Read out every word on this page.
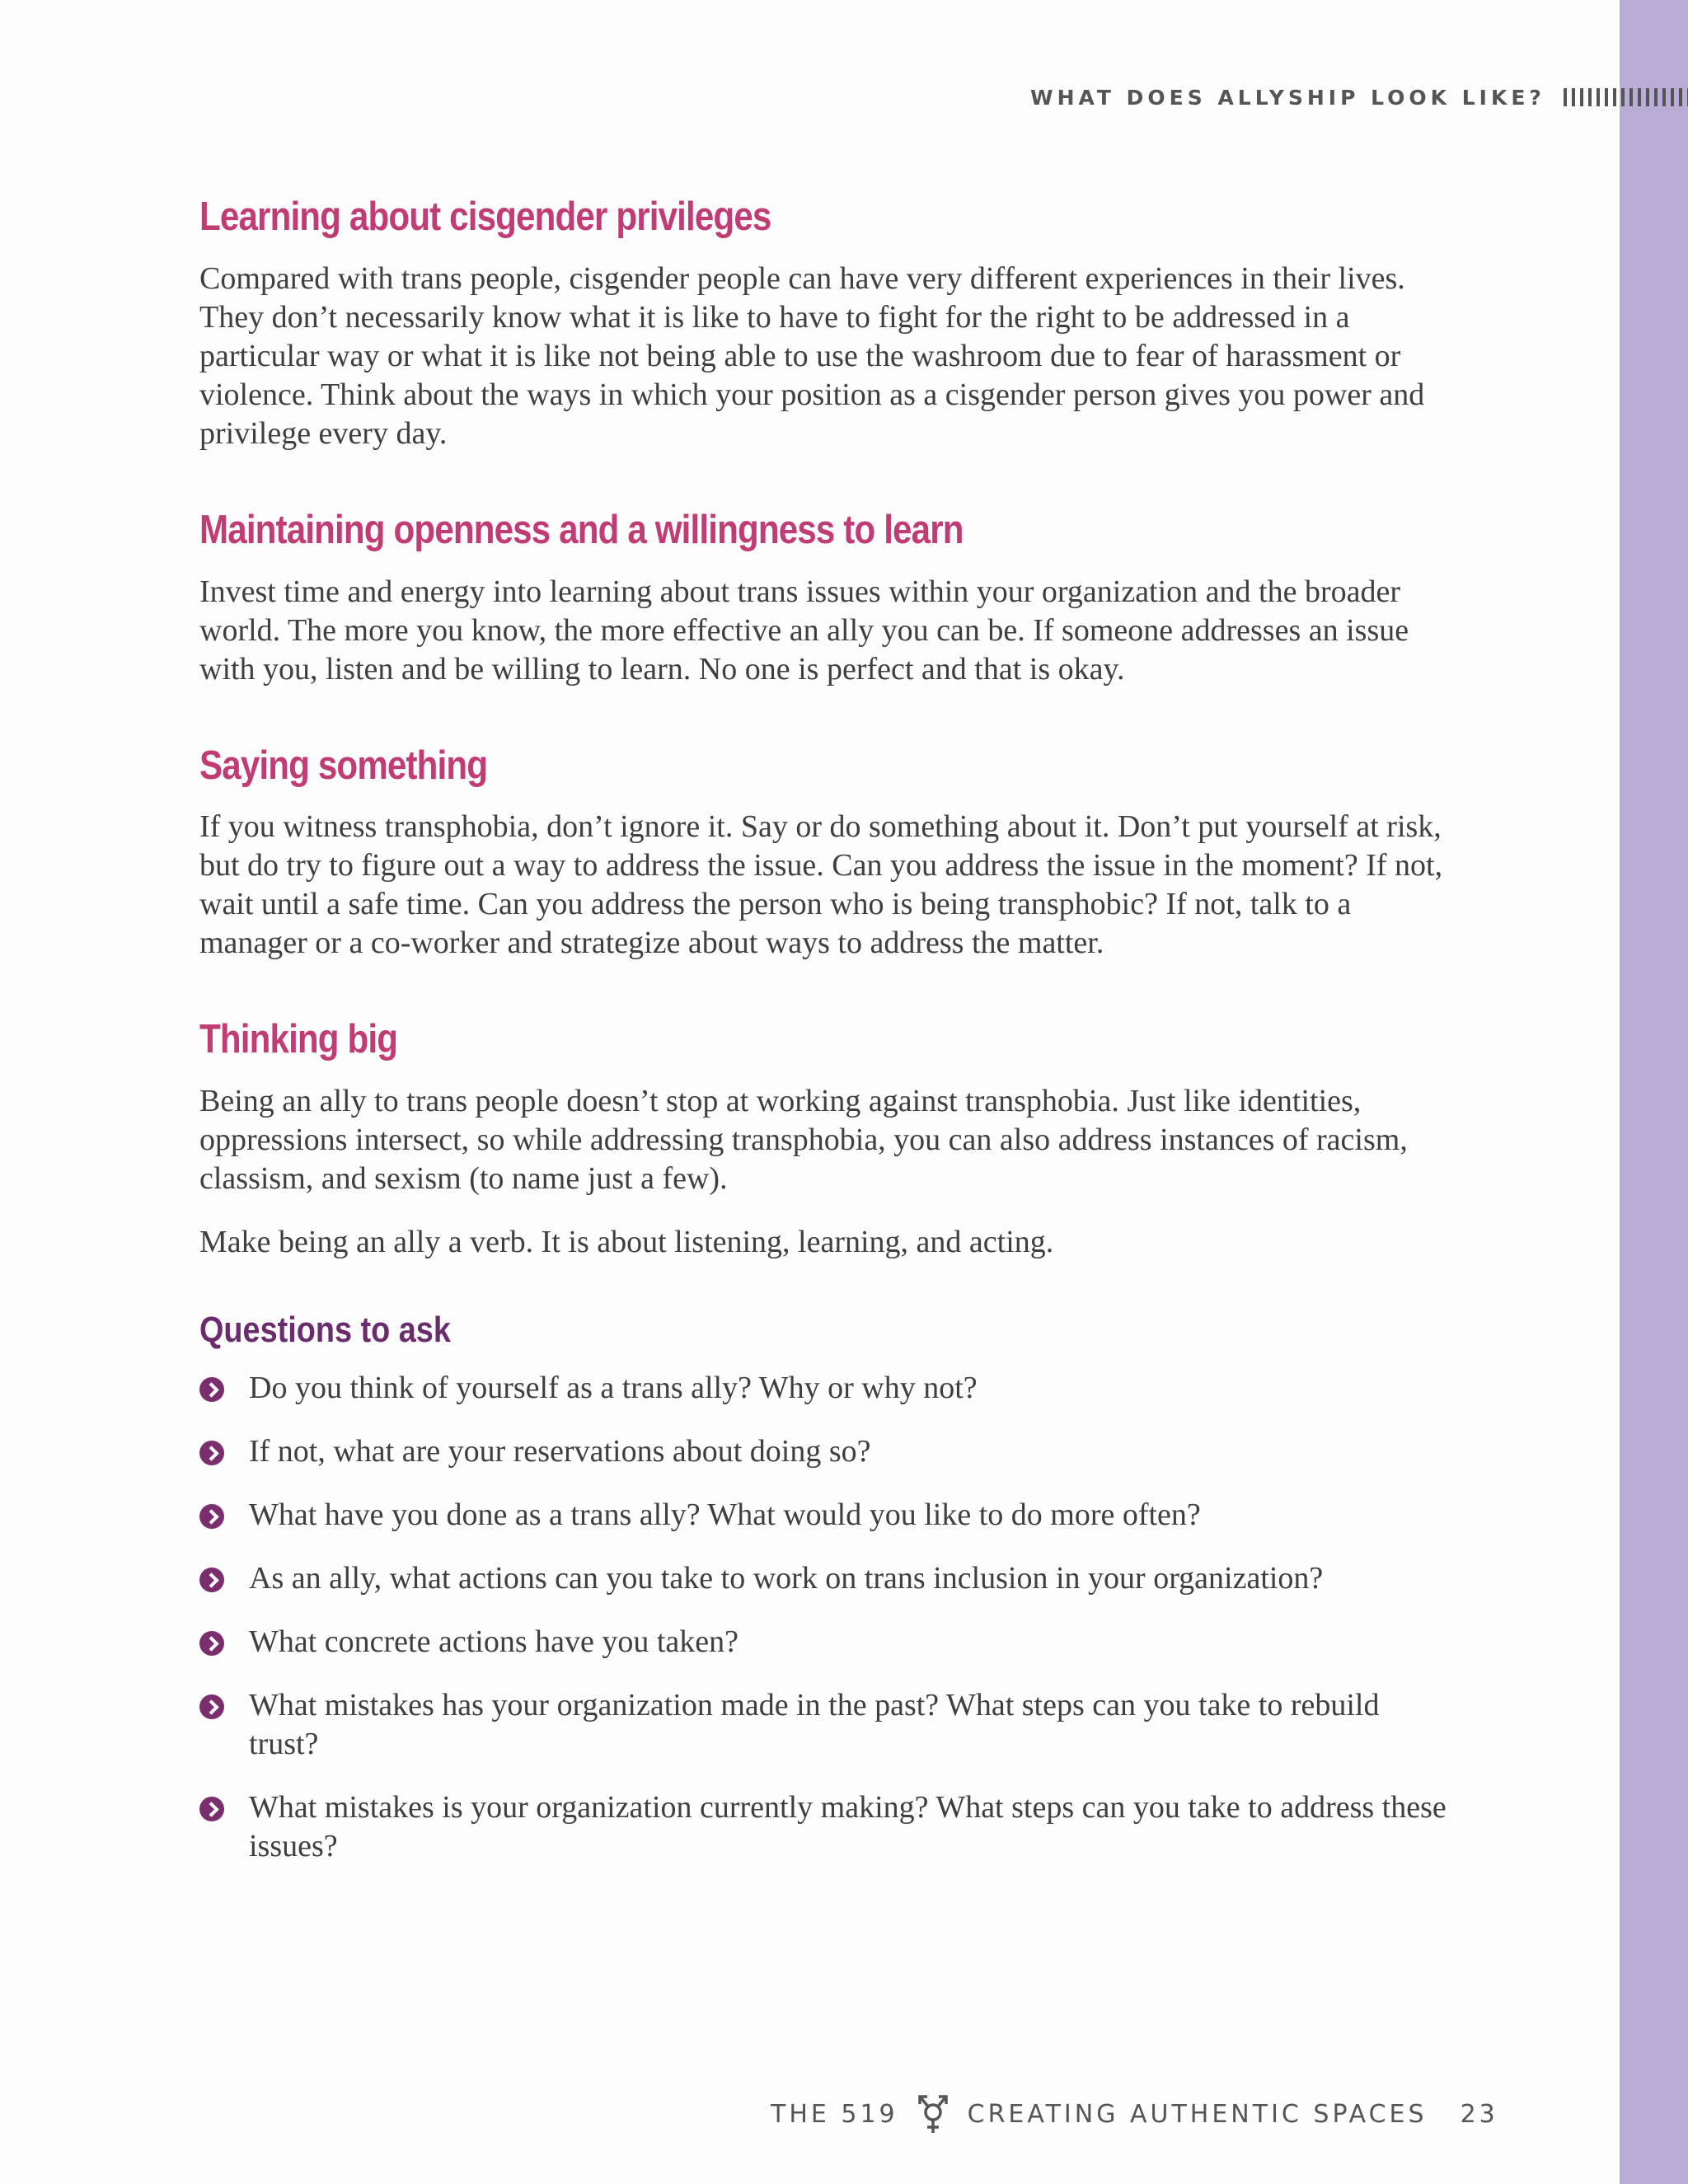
WHAT DOES ALLYSHIP LOOK LIKE?
Learning about cisgender privileges

Compared with trans people, cisgender people can have very different experiences in their lives. They don’t necessarily know what it is like to have to fight for the right to be addressed in a particular way or what it is like not being able to use the washroom due to fear of harassment or violence. Think about the ways in which your position as a cisgender person gives you power and privilege every day.

Maintaining openness and a willingness to learn

Invest time and energy into learning about trans issues within your organization and the broader world. The more you know, the more effective an ally you can be. If someone addresses an issue with you, listen and be willing to learn. No one is perfect and that is okay.

Saying something

If you witness transphobia, don’t ignore it. Say or do something about it. Don’t put yourself at risk, but do try to figure out a way to address the issue. Can you address the issue in the moment? If not, wait until a safe time. Can you address the person who is being transphobic? If not, talk to a manager or a co-worker and strategize about ways to address the matter.

Thinking big

Being an ally to trans people doesn’t stop at working against transphobia. Just like identities, oppressions intersect, so while addressing transphobia, you can also address instances of racism, classism, and sexism (to name just a few).

Make being an ally a verb. It is about listening, learning, and acting.

Questions to ask
Do you think of yourself as a trans ally? Why or why not?
If not, what are your reservations about doing so?
What have you done as a trans ally? What would you like to do more often?
As an ally, what actions can you take to work on trans inclusion in your organization?
What concrete actions have you taken?
What mistakes has your organization made in the past? What steps can you take to rebuild trust?
What mistakes is your organization currently making? What steps can you take to address these issues?
THE 519	CREATING AUTHENTIC SPACES 23
